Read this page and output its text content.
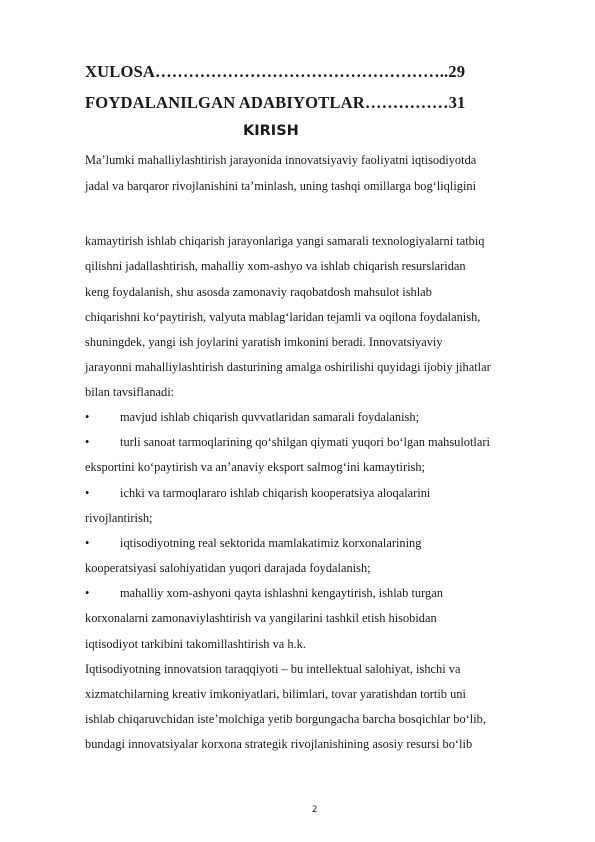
XULOSA……………………………………………..29
FOYDALANILGAN ADABIYOTLAR……………31
KIRISH
Ma’lumki mahalliylashtirish jarayonida innovatsiyaviy faoliyatni iqtisodiyotda
jadal va barqaror rivojlanishini ta’minlash, uning tashqi omillarga bog‘liqligini
kamaytirish ishlab chiqarish jarayonlariga yangi samarali texnologiyalarni tatbiq
qilishni jadallashtirish, mahalliy xom-ashyo va ishlab chiqarish resurslaridan
keng foydalanish, shu asosda zamonaviy raqobatdosh mahsulot ishlab
chiqarishni ko‘paytirish, valyuta mablag‘laridan tejamli va oqilona foydalanish,
shuningdek, yangi ish joylarini yaratish imkonini beradi. Innovatsiyaviy
jarayonni mahalliylashtirish dasturining amalga oshirilishi quyidagi ijobiy jihatlar
bilan tavsiflanadi:
• mavjud ishlab chiqarish quvvatlaridan samarali foydalanish;
• turli sanoat tarmoqlarining qo‘shilgan qiymati yuqori bo‘lgan mahsulotlari
eksportini ko‘paytirish va an’anaviy eksport salmog‘ini kamaytirish;
• ichki va tarmoqlararo ishlab chiqarish kooperatsiya aloqalarini
rivojlantirish;
• iqtisodiyotning real sektorida mamlakatimiz korxonalarining
kooperatsiyasi salohiyatidan yuqori darajada foydalanish;
• mahalliy xom-ashyoni qayta ishlashni kengaytirish, ishlab turgan
korxonalarni zamonaviylashtirish va yangilarini tashkil etish hisobidan
iqtisodiyot tarkibini takomillashtirish va h.k.
Iqtisodiyotning innovatsion taraqqiyoti – bu intellektual salohiyat, ishchi va
xizmatchilarning kreativ imkoniyatlari, bilimlari, tovar yaratishdan tortib uni
ishlab chiqaruvchidan iste’molchiga yetib borgungacha barcha bosqichlar bo‘lib,
bundagi innovatsiyalar korxona strategik rivojlanishining asosiy resursi bo‘lib
2
